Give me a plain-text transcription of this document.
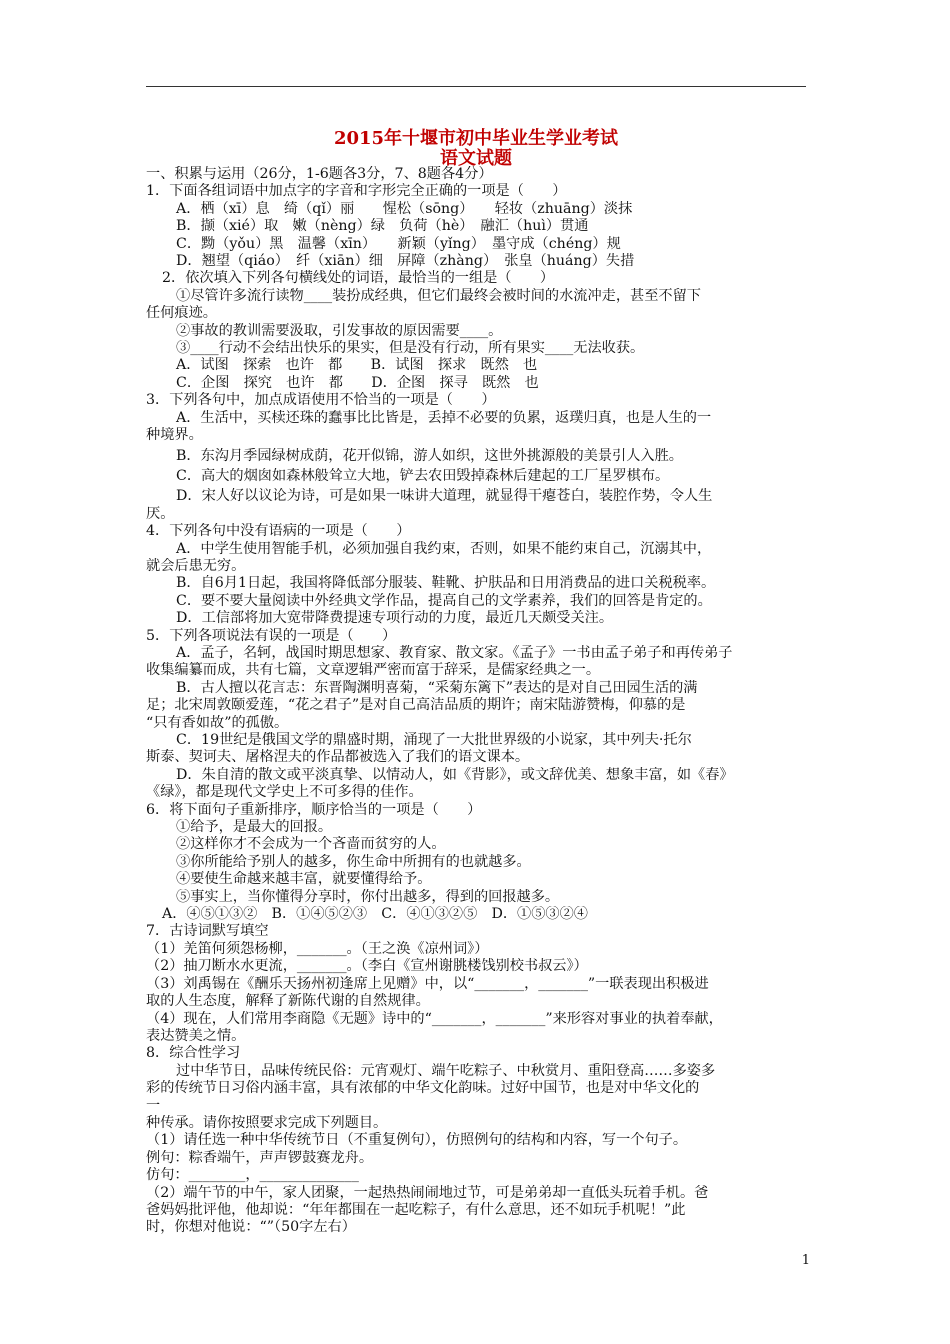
2015年十堰市初中毕业生学业考试
语文试题
一、积累与运用（26分，1-6题各3分，7、8题各4分）
1．下面各组词语中加点字的字音和字形完全正确的一项是（　　）
A．栖（xī）息　绮（qǐ）丽　　惺松（sōng）　　轻妆（zhuāng）淡抹
B．撷（xié）取　嫩（nèng）绿　负荷（hè）　融汇（huì）贯通
C．黝（yǒu）黑　温馨（xīn）　　新颖（yǐng）　墨守成（chéng）规
D．翘望（qiáo）　纤（xiān）细　屏障（zhàng）　张皇（huáng）失措
2．依次填入下列各句横线处的词语，最恰当的一组是（　　）
①尽管许多流行读物____装扮成经典，但它们最终会被时间的水流冲走，甚至不留下
任何痕迹。
②事故的教训需要汲取，引发事故的原因需要____。
③____行动不会结出快乐的果实，但是没有行动，所有果实____无法收获。
A．试图　探索　也许　都　　B．试图　探求　既然　也
C．企图　探究　也许　都　　D．企图　探寻　既然　也
3．下列各句中，加点成语使用不恰当的一项是（　　）
A．生活中，买椟还珠的蠢事比比皆是，丢掉不必要的负累，返璞归真，也是人生的一
种境界。
B．东沟月季园绿树成荫，花开似锦，游人如织，这世外挑源般的美景引人入胜。
C．高大的烟囱如森林般耸立大地，铲去农田毁掉森林后建起的工厂星罗棋布。
D．宋人好以议论为诗，可是如果一味讲大道理，就显得干瘪苍白，装腔作势，令人生
厌。
4．下列各句中没有语病的一项是（　　）
A．中学生使用智能手机，必须加强自我约束，否则，如果不能约束自己，沉溺其中，
就会后患无穷。
B．自6月1日起，我国将降低部分服装、鞋靴、护肤品和日用消费品的进口关税税率。
C．要不要大量阅读中外经典文学作品，提高自己的文学素养，我们的回答是肯定的。
D．工信部将加大宽带降费提速专项行动的力度，最近几天颇受关注。
5．下列各项说法有误的一项是（　　）
A．孟子，名轲，战国时期思想家、教育家、散文家。《孟子》一书由孟子弟子和再传弟子
收集编纂而成，共有七篇，文章逻辑严密而富于辞采，是儒家经典之一。
B．古人擅以花言志：东晋陶渊明喜菊，“采菊东篱下”表达的是对自己田园生活的满
足；北宋周敦颐爱莲，“花之君子”是对自己高洁品质的期许；南宋陆游赞梅，仰慕的是
“只有香如故”的孤傲。
C．19世纪是俄国文学的鼎盛时期，涌现了一大批世界级的小说家，其中列夫·托尔
斯泰、契诃夫、屠格涅夫的作品都被选入了我们的语文课本。
D．朱自清的散文或平淡真挚、以情动人，如《背影》，或文辞优美、想象丰富，如《春》
《绿》，都是现代文学史上不可多得的佳作。
6．将下面句子重新排序，顺序恰当的一项是（　　）
①给予，是最大的回报。
②这样你才不会成为一个吝啬而贫穷的人。
③你所能给予别人的越多，你生命中所拥有的也就越多。
④要使生命越来越丰富，就要懂得给予。
⑤事实上，当你懂得分享时，你付出越多，得到的回报越多。
A．④⑤①③②　B．①④⑤②③　C．④①③②⑤　D．①⑤③②④
7．古诗词默写填空
（1）羌笛何须怨杨柳，_______。（王之涣《凉州词》）
（2）抽刀断水水更流，_______。（李白《宣州谢朓楼饯别校书叔云》）
（3）刘禹锡在《酬乐天扬州初逢席上见赠》中，以“_______，_______”一联表现出积极进
取的人生态度，解释了新陈代谢的自然规律。
（4）现在，人们常用李商隐《无题》诗中的“_______，_______”来形容对事业的执着奉献，
表达赞美之情。
8．综合性学习
过中华节日，品味传统民俗：元宵观灯、端午吃粽子、中秋赏月、重阳登高……多姿多
彩的传统节日习俗内涵丰富，具有浓郁的中华文化韵味。过好中国节，也是对中华文化的
一
种传承。请你按照要求完成下列题目。
（1）请任选一种中华传统节日（不重复例句），仿照例句的结构和内容，写一个句子。
例句：粽香端午，声声锣鼓赛龙舟。
仿句：________，______________
（2）端午节的中午，家人团聚，一起热热闹闹地过节，可是弟弟却一直低头玩着手机。爸
爸妈妈批评他，他却说：“年年都围在一起吃粽子，有什么意思，还不如玩手机呢！”此
时，你想对他说：“”（50字左右）
1
